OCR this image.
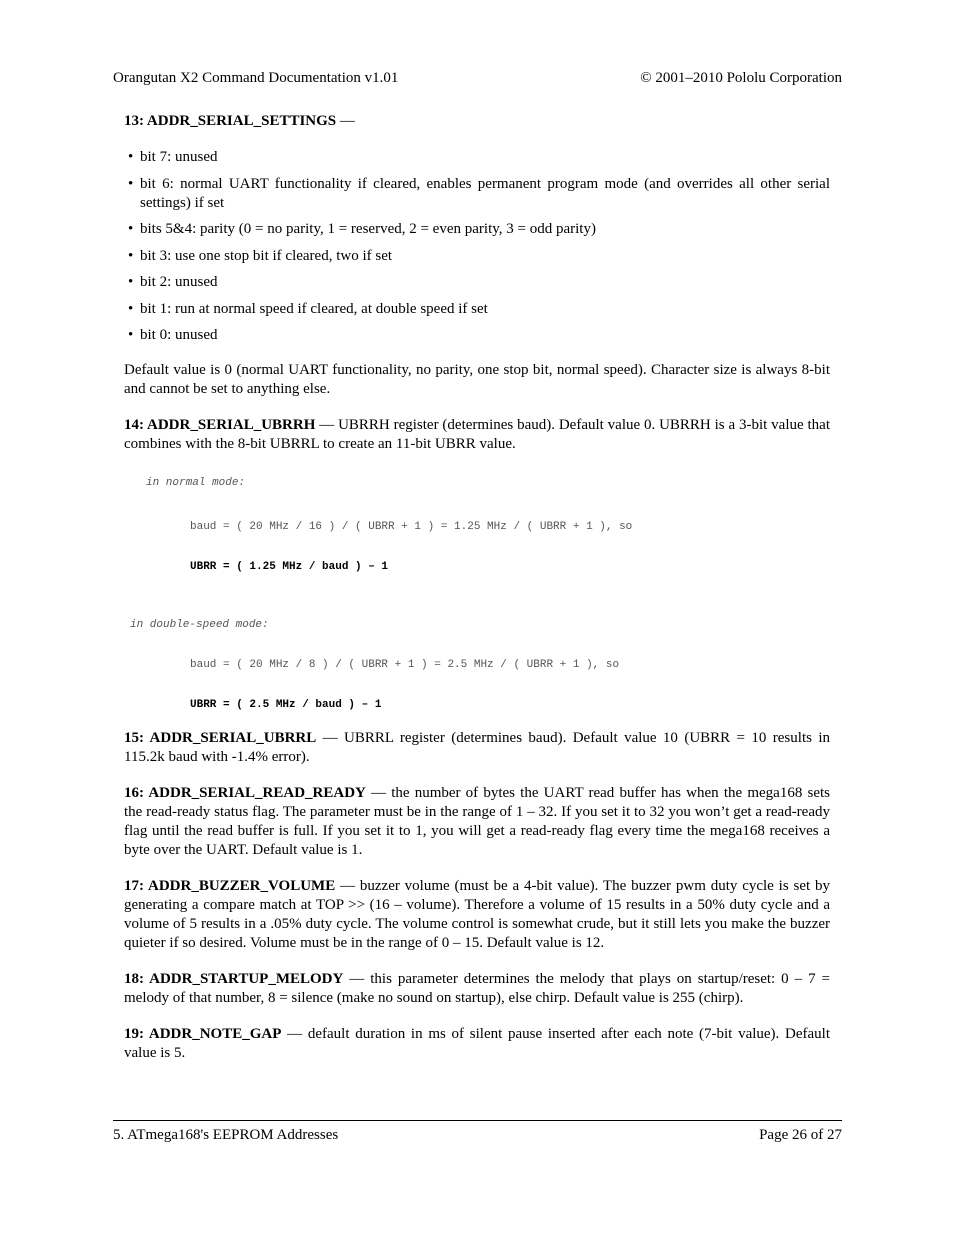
Orangutan X2 Command Documentation v1.01	© 2001–2010 Pololu Corporation

13: ADDR_SERIAL_SETTINGS —

• bit 7: unused
• bit 6: normal UART functionality if cleared, enables permanent program mode (and overrides all other serial settings) if set
• bits 5&4: parity (0 = no parity, 1 = reserved, 2 = even parity, 3 = odd parity)
• bit 3: use one stop bit if cleared, two if set
• bit 2: unused
• bit 1: run at normal speed if cleared, at double speed if set
• bit 0: unused

Default value is 0 (normal UART functionality, no parity, one stop bit, normal speed). Character size is always 8-bit and cannot be set to anything else.

14: ADDR_SERIAL_UBRRH — UBRRH register (determines baud). Default value 0. UBRRH is a 3-bit value that combines with the 8-bit UBRRL to create an 11-bit UBRR value.

in normal mode:
baud = ( 20 MHz / 16 ) / ( UBRR + 1 ) = 1.25 MHz / ( UBRR + 1 ), so
UBRR = ( 1.25 MHz / baud ) – 1
in double-speed mode:
baud = ( 20 MHz / 8 ) / ( UBRR + 1 ) = 2.5 MHz / ( UBRR + 1 ), so
UBRR = ( 2.5 MHz / baud ) – 1

15: ADDR_SERIAL_UBRRL — UBRRL register (determines baud). Default value 10 (UBRR = 10 results in 115.2k baud with -1.4% error).

16: ADDR_SERIAL_READ_READY — the number of bytes the UART read buffer has when the mega168 sets the read-ready status flag. The parameter must be in the range of 1 – 32. If you set it to 32 you won’t get a read-ready flag until the read buffer is full. If you set it to 1, you will get a read-ready flag every time the mega168 receives a byte over the UART. Default value is 1.

17: ADDR_BUZZER_VOLUME — buzzer volume (must be a 4-bit value). The buzzer pwm duty cycle is set by generating a compare match at TOP >> (16 – volume). Therefore a volume of 15 results in a 50% duty cycle and a volume of 5 results in a .05% duty cycle. The volume control is somewhat crude, but it still lets you make the buzzer quieter if so desired. Volume must be in the range of 0 – 15. Default value is 12.

18: ADDR_STARTUP_MELODY — this parameter determines the melody that plays on startup/reset: 0 – 7 = melody of that number, 8 = silence (make no sound on startup), else chirp. Default value is 255 (chirp).

19: ADDR_NOTE_GAP — default duration in ms of silent pause inserted after each note (7-bit value). Default value is 5.

5. ATmega168's EEPROM Addresses	Page 26 of 27
